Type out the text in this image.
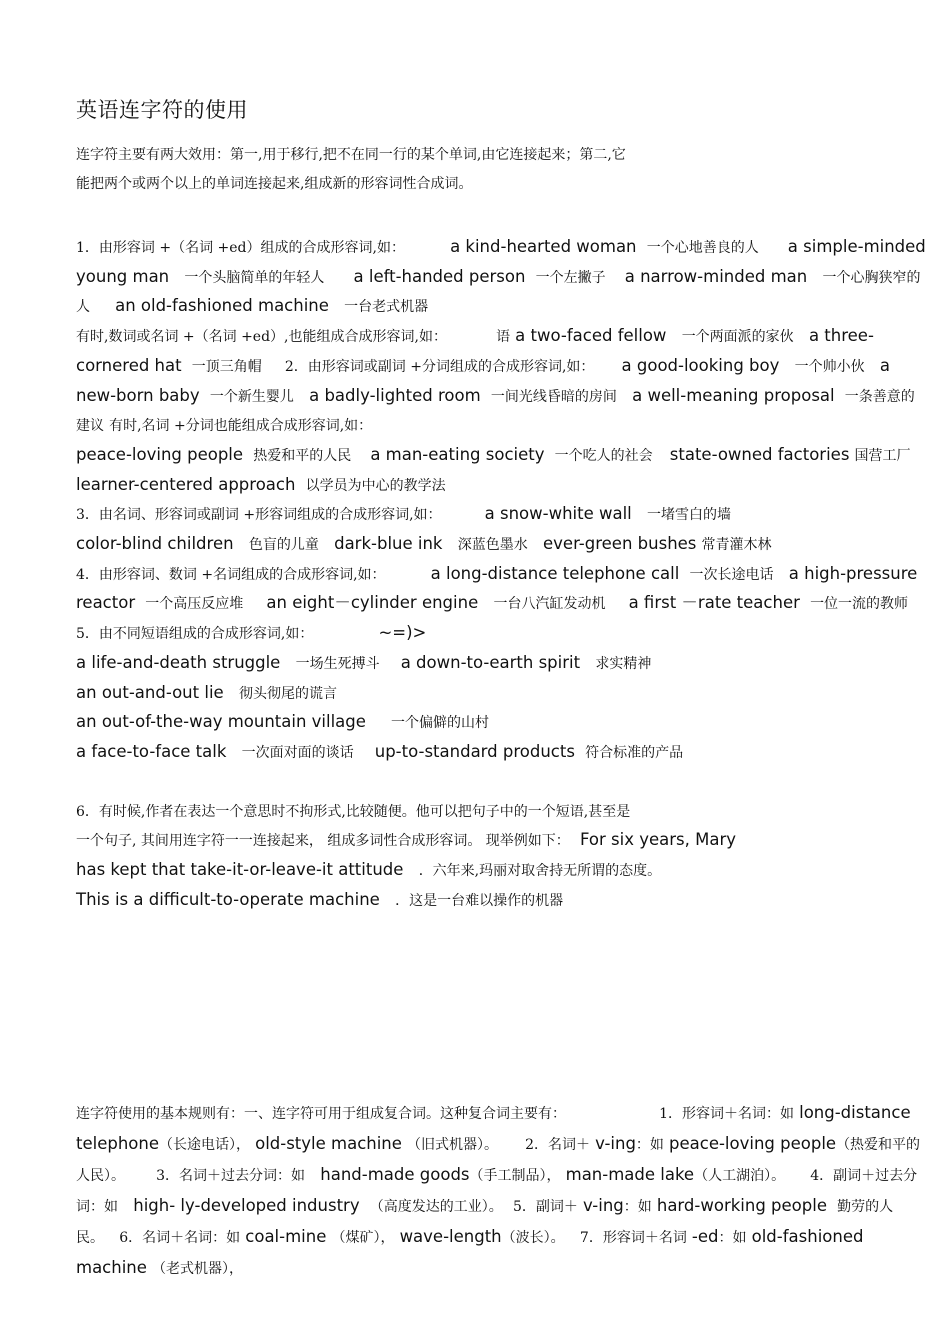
英语连字符的使用
连字符主要有两大效用：第一,用于移行,把不在同一行的某个单词,由它连接起来；第二,它
能把两个或两个以上的单词连接起来,组成新的形容词性合成词。

1．由形容词 +（名词 +ed）组成的合成形容词,如：	a kind-hearted woman 一个心地善良的人 a simple-minded young man 一个头脑简单的年轻人 a left-handed person 一个左撇子 a narrow-minded man 一个心胸狭窄的人 an old-fashioned machine 一台老式机器
有时,数词或名词 +（名词 +ed）,也能组成合成形容词,如：	语 a two-faced fellow 一个两面派的家伙 a three-cornered hat 一顶三角帽 2．由形容词或副词 +分词组成的合成形容词,如： a good-looking boy 一个帅小伙 a new-born baby 一个新生婴儿 a badly-lighted room 一间光线昏暗的房间 a well-meaning proposal 一条善意的建议 有时,名词 +分词也能组成合成形容词,如：
peace-loving people 热爱和平的人民 a man-eating society 一个吃人的社会 state-owned factories 国营工厂   learner-centered approach 以学员为中心的教学法

3．由名词、形容词或副词 +形容词组成的合成形容词,如：	a snow-white wall 一堵雪白的墙
color-blind children 色盲的儿童 dark-blue ink 深蓝色墨水 ever-green bushes 常青灌木林

4．由形容词、数词 +名词组成的合成形容词,如：	a long-distance telephone call 一次长途电话 a high-pressure reactor 一个高压反应堆 an eight－cylinder engine 一台八汽缸发动机 a first －rate teacher 一位一流的教师

5．由不同短语组成的合成形容词,如：	~=)>
a life-and-death struggle 一场生死搏斗 a down-to-earth spirit 求实精神
an out-and-out lie 彻头彻尾的谎言
an out-of-the-way mountain village 一个偏僻的山村
a face-to-face talk 一次面对面的谈话 up-to-standard products 符合标准的产品

6．有时候,作者在表达一个意思时不拘形式,比较随便。他可以把句子中的一个短语,甚至是
一个句子, 其间用连字符一一连接起来， 组成多词性合成形容词。 现举例如下： For six years, Mary
has kept that take-it-or-leave-it attitude ．六年来,玛丽对取舍持无所谓的态度。
This is a difficult-to-operate machine ．这是一台难以操作的机器

连字符使用的基本规则有：一、连字符可用于组成复合词。这种复合词主要有：	1．形容词＋名词：如 long-distance telephone（长途电话）， old-style machine （旧式机器）。 2．名词＋ v-ing：如 peace-loving people（热爱和平的人民）。 3．名词＋过去分词：如 hand-made goods（手工制品）， man-made lake（人工湖泊）。 4．副词＋过去分词：如 high- ly-developed industry （高度发达的工业）。 5．副词＋ v-ing：如 hard-working people 勤劳的人民。 6．名词＋名词：如 coal-mine （煤矿）， wave-length（波长）。 7．形容词＋名词 -ed：如 old-fashioned machine （老式机器），
